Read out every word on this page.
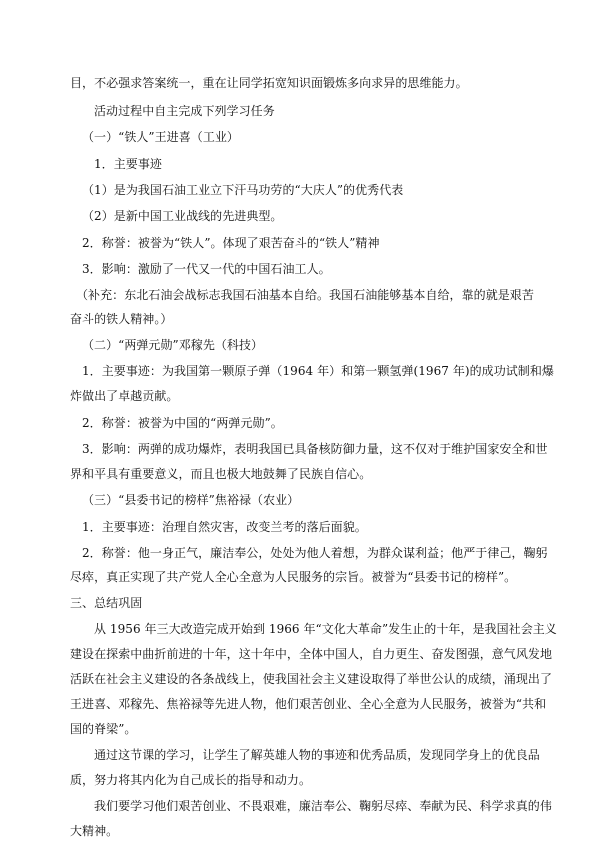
目，不必强求答案统一，重在让同学拓宽知识面锻炼多向求异的思维能力。
活动过程中自主完成下列学习任务
（一）“铁人”王进喜（工业）
1．主要事迹
（1）是为我国石油工业立下汗马功劳的“大庆人”的优秀代表
（2）是新中国工业战线的先进典型。
2．称誉：被誉为“铁人”。体现了艰苦奋斗的“铁人”精神
3．影响：激励了一代又一代的中国石油工人。
（补充：东北石油会战标志我国石油基本自给。我国石油能够基本自给，靠的就是艰苦
奋斗的铁人精神。）
（二）“两弹元勋”邓稼先（科技）
1．主要事迹：为我国第一颗原子弹（1964 年）和第一颗氢弹(1967 年)的成功试制和爆
炸做出了卓越贡献。
2．称誉：被誉为中国的“两弹元勋”。
3．影响：两弹的成功爆炸，表明我国已具备核防御力量，这不仅对于维护国家安全和世
界和平具有重要意义，而且也极大地鼓舞了民族自信心。
（三）“县委书记的榜样”焦裕禄（农业）
1．主要事迹：治理自然灾害，改变兰考的落后面貌。
2．称誉：他一身正气，廉洁奉公，处处为他人着想，为群众谋利益；他严于律己，鞠躬
尽瘁，真正实现了共产党人全心全意为人民服务的宗旨。被誉为“县委书记的榜样”。
三、总结巩固
从 1956 年三大改造完成开始到 1966 年“文化大革命”发生止的十年，是我国社会主义
建设在探索中曲折前进的十年，这十年中，全体中国人，自力更生、奋发图强，意气风发地
活跃在社会主义建设的各条战线上，使我国社会主义建设取得了举世公认的成绩，涌现出了
王进喜、邓稼先、焦裕禄等先进人物，他们艰苦创业、全心全意为人民服务，被誉为“共和
国的脊梁”。
通过这节课的学习，让学生了解英雄人物的事迹和优秀品质，发现同学身上的优良品
质，努力将其内化为自己成长的指导和动力。
我们要学习他们艰苦创业、不畏艰难，廉洁奉公、鞠躬尽瘁、奉献为民、科学求真的伟
大精神。
